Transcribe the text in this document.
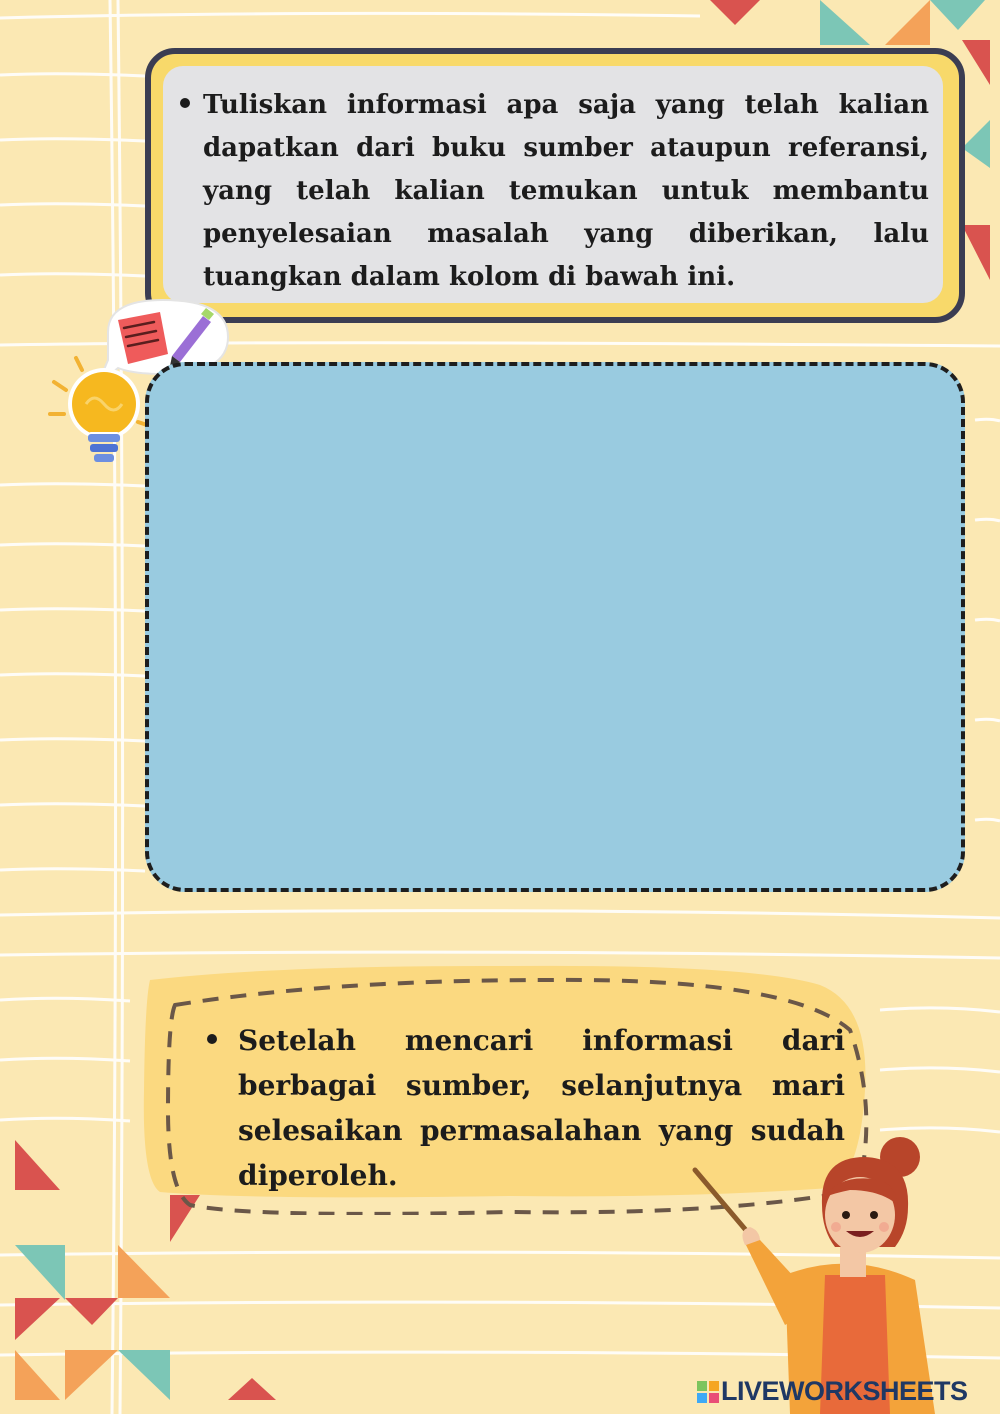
Tuliskan informasi apa saja yang telah kalian dapatkan dari buku sumber ataupun referansi, yang telah kalian temukan untuk membantu penyelesaian masalah yang diberikan, lalu tuangkan dalam kolom di bawah ini.
Setelah mencari informasi dari berbagai sumber, selanjutnya mari selesaikan permasalahan yang sudah diperoleh.
LIVEWORKSHEETS
